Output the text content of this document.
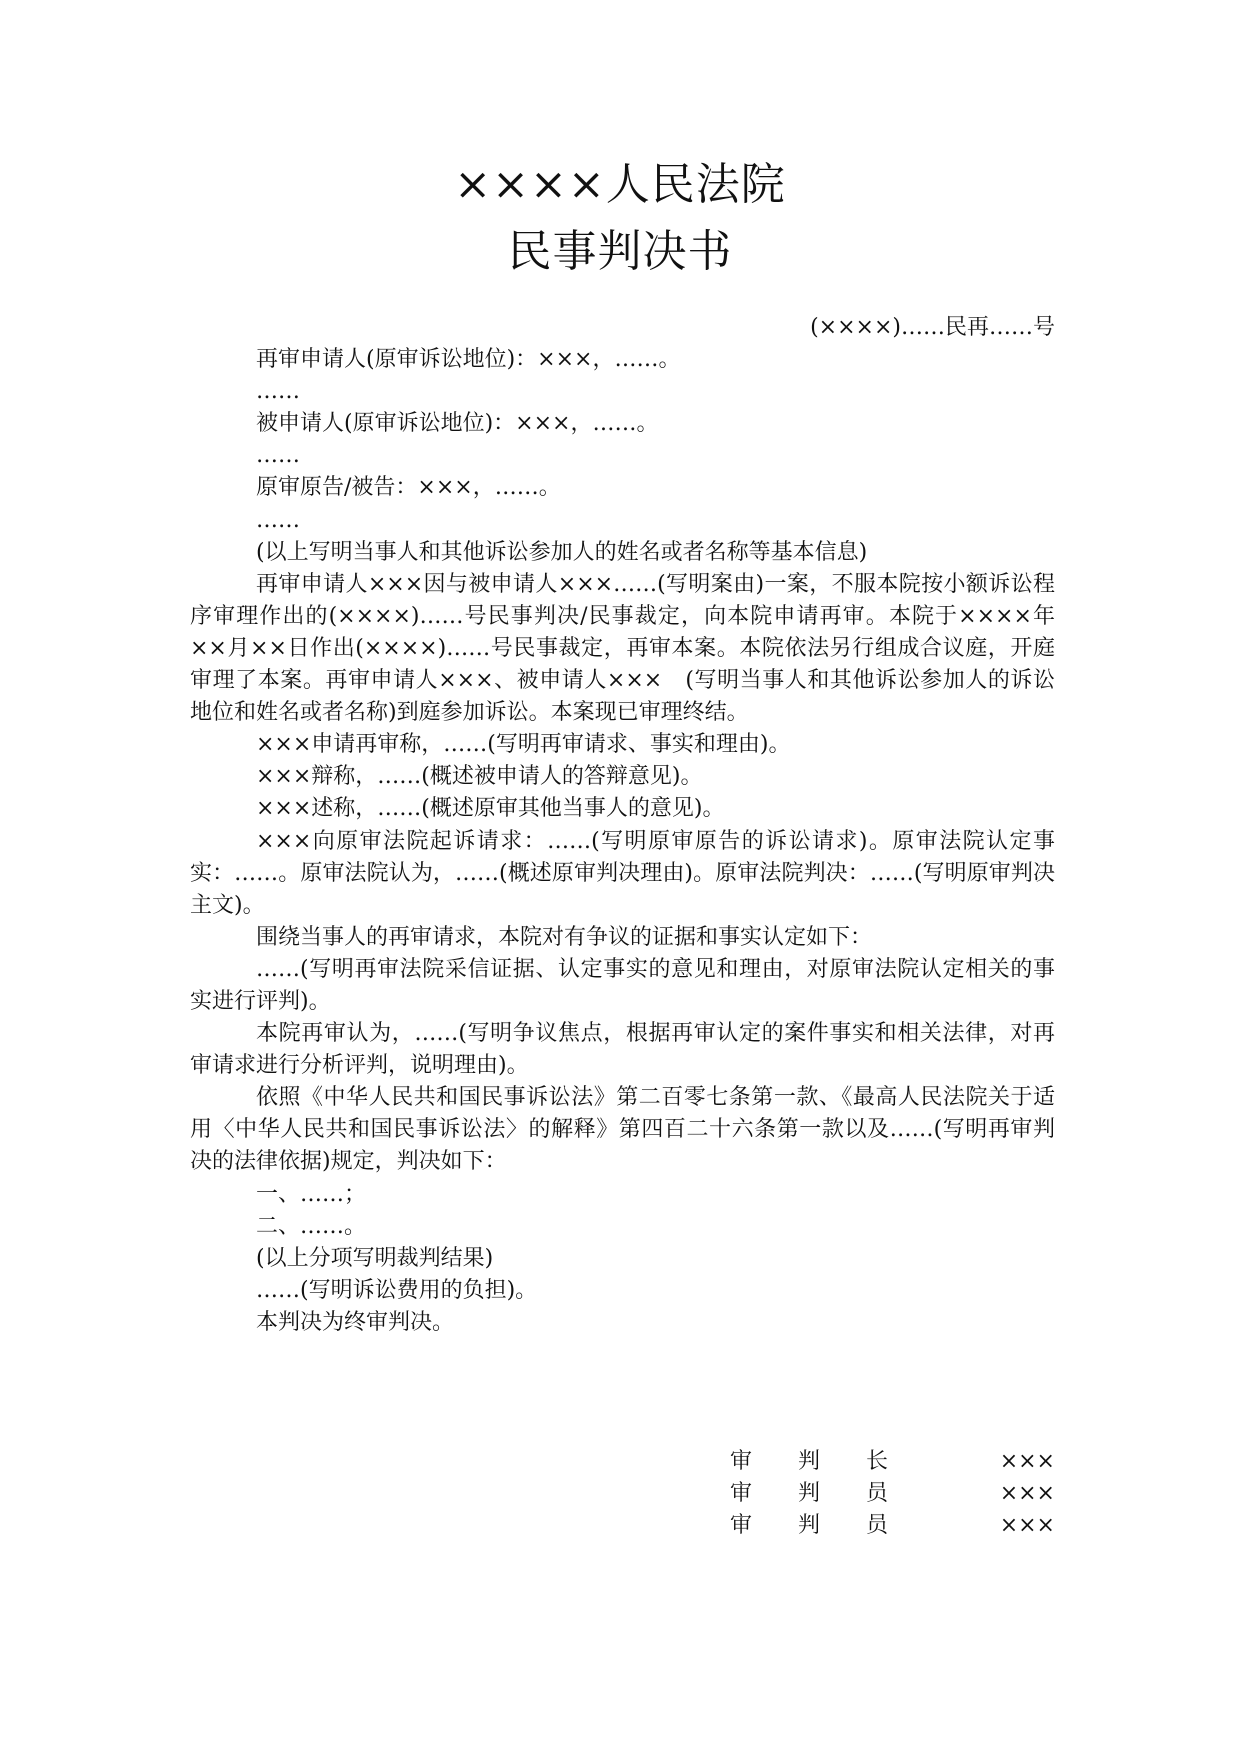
××××人民法院
民事判决书
(××××)……民再……号
再审申请人(原审诉讼地位)：×××，……。
……
被申请人(原审诉讼地位)：×××，……。
……
原审原告/被告：×××，……。
……
(以上写明当事人和其他诉讼参加人的姓名或者名称等基本信息)
再审申请人×××因与被申请人×××……(写明案由)一案，不服本院按小额诉讼程序审理作出的(××××)……号民事判决/民事裁定，向本院申请再审。本院于××××年××月××日作出(××××)……号民事裁定，再审本案。本院依法另行组成合议庭，开庭审理了本案。再审申请人×××、被申请人×××　(写明当事人和其他诉讼参加人的诉讼地位和姓名或者名称)到庭参加诉讼。本案现已审理终结。
×××申请再审称，……(写明再审请求、事实和理由)。
×××辩称，……(概述被申请人的答辩意见)。
×××述称，……(概述原审其他当事人的意见)。
×××向原审法院起诉请求：……(写明原审原告的诉讼请求)。原审法院认定事实：……。原审法院认为，……(概述原审判决理由)。原审法院判决：……(写明原审判决主文)。
围绕当事人的再审请求，本院对有争议的证据和事实认定如下：
……(写明再审法院采信证据、认定事实的意见和理由，对原审法院认定相关的事实进行评判)。
本院再审认为，……(写明争议焦点，根据再审认定的案件事实和相关法律，对再审请求进行分析评判，说明理由)。
依照《中华人民共和国民事诉讼法》第二百零七条第一款、《最高人民法院关于适用〈中华人民共和国民事诉讼法〉的解释》第四百二十六条第一款以及……(写明再审判决的法律依据)规定，判决如下：
一、……；
二、……。
(以上分项写明裁判结果)
……(写明诉讼费用的负担)。
本判决为终审判决。
审判长	×××
审判员	×××
审判员	×××
